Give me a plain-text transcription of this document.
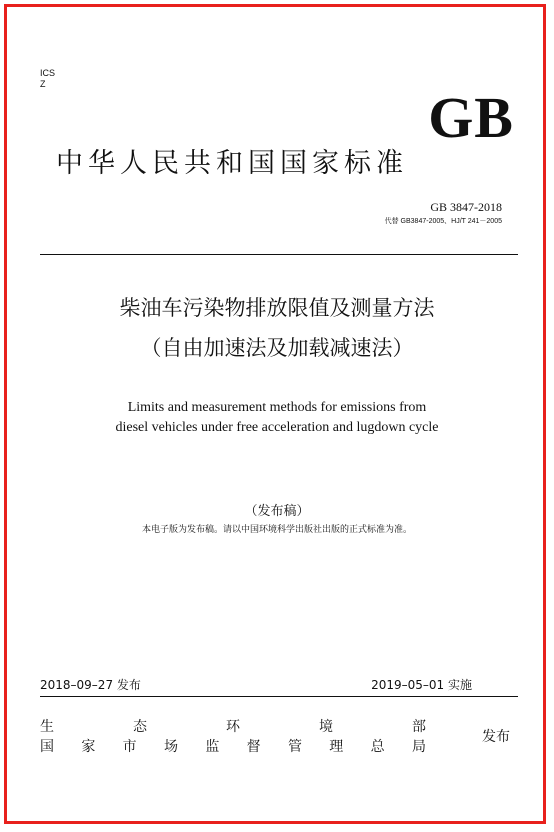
ICS
Z
GB
中华人民共和国国家标准
GB 3847-2018
代替 GB3847-2005、HJ/T 241－2005
柴油车污染物排放限值及测量方法
（自由加速法及加载减速法）
Limits and measurement methods for emissions from
diesel vehicles under free acceleration and lugdown cycle
（发布稿）
本电子版为发布稿。请以中国环境科学出版社出版的正式标准为准。
2018–09–27 发布	2019–05–01 实施
生	态	环	境	部
国 家 市 场 监 督 管 理 总 局
发布
